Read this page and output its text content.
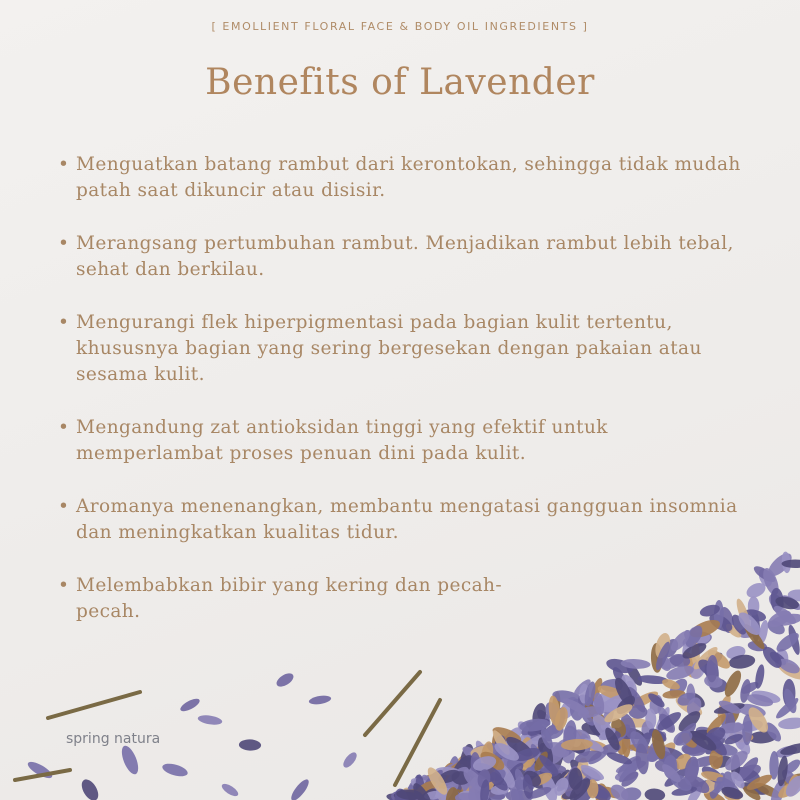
[ EMOLLIENT FLORAL FACE & BODY OIL INGREDIENTS ]
Benefits of Lavender
• Menguatkan batang rambut dari kerontokan, sehingga tidak mudah patah saat dikuncir atau disisir.
• Merangsang pertumbuhan rambut. Menjadikan rambut lebih tebal, sehat dan berkilau.
• Mengurangi flek hiperpigmentasi pada bagian kulit tertentu, khususnya bagian yang sering bergesekan dengan pakaian atau sesama kulit.
• Mengandung zat antioksidan tinggi yang efektif untuk memperlambat proses penuan dini pada kulit.
• Aromanya menenangkan, membantu mengatasi gangguan insomnia dan meningkatkan kualitas tidur.
• Melembabkan bibir yang kering dan pecah-pecah.
spring natura
